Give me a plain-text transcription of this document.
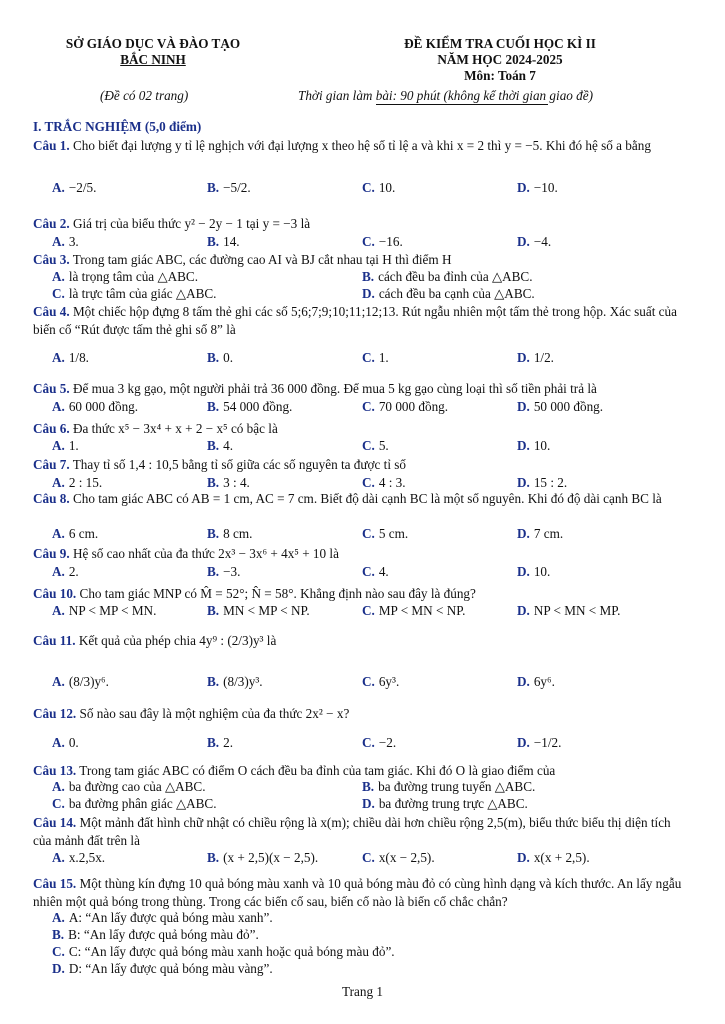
SỞ GIÁO DỤC VÀ ĐÀO TẠO
BẮC NINH
(Đề có 02 trang)
ĐỀ KIỂM TRA CUỐI HỌC KÌ II
NĂM HỌC 2024-2025
Môn: Toán 7
Thời gian làm bài: 90 phút (không kể thời gian giao đề)
I. TRẮC NGHIỆM (5,0 điểm)
Câu 1. Cho biết đại lượng y tỉ lệ nghịch với đại lượng x theo hệ số tỉ lệ a và khi x = 2 thì y = −5. Khi đó hệ số a bằng
A. −2/5.	B. −5/2.	C. 10.	D. −10.
Câu 2. Giá trị của biểu thức y² − 2y − 1 tại y = −3 là
A. 3.	B. 14.	C. −16.	D. −4.
Câu 3. Trong tam giác ABC, các đường cao AI và BJ cắt nhau tại H thì điểm H
A. là trọng tâm của △ABC.	B. cách đều ba đỉnh của △ABC.
C. là trực tâm của giác △ABC.	D. cách đều ba cạnh của △ABC.
Câu 4. Một chiếc hộp đựng 8 tấm thẻ ghi các số 5;6;7;9;10;11;12;13. Rút ngẫu nhiên một tấm thẻ trong hộp. Xác suất của biến cố “Rút được tấm thẻ ghi số 8” là
A. 1/8.	B. 0.	C. 1.	D. 1/2.
Câu 5. Để mua 3 kg gạo, một người phải trả 36 000 đồng. Để mua 5 kg gạo cùng loại thì số tiền phải trả là
A. 60 000 đồng.	B. 54 000 đồng.	C. 70 000 đồng.	D. 50 000 đồng.
Câu 6. Đa thức x⁵ − 3x⁴ + x + 2 − x⁵ có bậc là
A. 1.	B. 4.	C. 5.	D. 10.
Câu 7. Thay tỉ số 1,4 : 10,5 bằng tỉ số giữa các số nguyên ta được tỉ số
A. 2 : 15.	B. 3 : 4.	C. 4 : 3.	D. 15 : 2.
Câu 8. Cho tam giác ABC có AB = 1 cm, AC = 7 cm. Biết độ dài cạnh BC là một số nguyên. Khi đó độ dài cạnh BC là
A. 6 cm.	B. 8 cm.	C. 5 cm.	D. 7 cm.
Câu 9. Hệ số cao nhất của đa thức 2x³ − 3x⁶ + 4x⁵ + 10 là
A. 2.	B. −3.	C. 4.	D. 10.
Câu 10. Cho tam giác MNP có M̂ = 52°; N̂ = 58°. Khẳng định nào sau đây là đúng?
A. NP < MP < MN.	B. MN < MP < NP.	C. MP < MN < NP.	D. NP < MN < MP.
Câu 11. Kết quả của phép chia 4y⁹ : (2/3)y³ là
A. (8/3)y⁶.	B. (8/3)y³.	C. 6y³.	D. 6y⁶.
Câu 12. Số nào sau đây là một nghiệm của đa thức 2x² − x?
A. 0.	B. 2.	C. −2.	D. −1/2.
Câu 13. Trong tam giác ABC có điểm O cách đều ba đỉnh của tam giác. Khi đó O là giao điểm của
A. ba đường cao của △ABC.	B. ba đường trung tuyến △ABC.
C. ba đường phân giác △ABC.	D. ba đường trung trực △ABC.
Câu 14. Một mảnh đất hình chữ nhật có chiều rộng là x(m); chiều dài hơn chiều rộng 2,5(m), biểu thức biểu thị diện tích của mảnh đất trên là
A. x.2,5x.	B. (x + 2,5)(x − 2,5).	C. x(x − 2,5).	D. x(x + 2,5).
Câu 15. Một thùng kín đựng 10 quả bóng màu xanh và 10 quả bóng màu đỏ có cùng hình dạng và kích thước. An lấy ngẫu nhiên một quả bóng trong thùng. Trong các biến cố sau, biến cố nào là biến cố chắc chắn?
A. A: “An lấy được quả bóng màu xanh”.
B. B: “An lấy được quả bóng màu đỏ”.
C. C: “An lấy được quả bóng màu xanh hoặc quả bóng màu đỏ”.
D. D: “An lấy được quả bóng màu vàng”.
Trang 1
